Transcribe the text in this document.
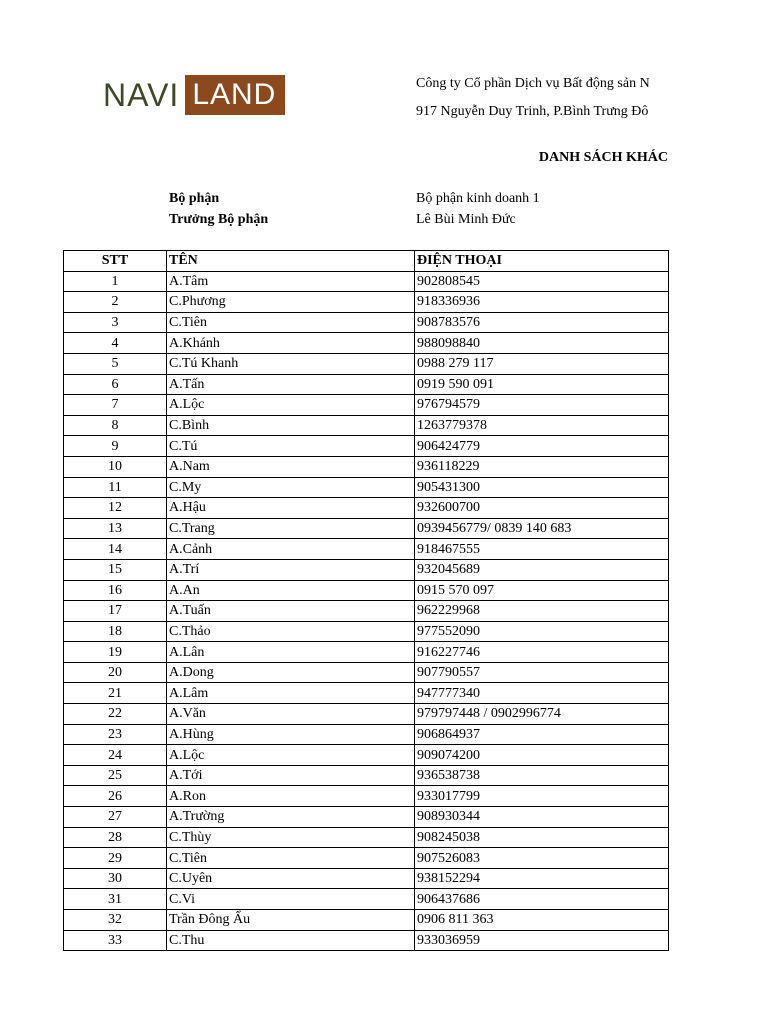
NAVI LAND	Công ty Cổ phần Dịch vụ Bất động sản N
917 Nguyễn Duy Trinh, P.Bình Trưng Đô
DANH SÁCH KHÁC
Bộ phận	Bộ phận kinh doanh 1
Trưởng Bộ phận	Lê Bùi Minh Đức
STT	TÊN	ĐIỆN THOẠI
1	A.Tâm	902808545
2	C.Phương	918336936
3	C.Tiên	908783576
4	A.Khánh	988098840
5	C.Tú Khanh	0988 279 117
6	A.Tấn	0919 590 091
7	A.Lộc	976794579
8	C.Bình	1263779378
9	C.Tú	906424779
10	A.Nam	936118229
11	C.My	905431300
12	A.Hậu	932600700
13	C.Trang	0939456779/ 0839 140 683
14	A.Cảnh	918467555
15	A.Trí	932045689
16	A.An	0915 570 097
17	A.Tuấn	962229968
18	C.Thảo	977552090
19	A.Lân	916227746
20	A.Dong	907790557
21	A.Lâm	947777340
22	A.Văn	979797448 / 0902996774
23	A.Hùng	906864937
24	A.Lộc	909074200
25	A.Tới	936538738
26	A.Ron	933017799
27	A.Trường	908930344
28	C.Thùy	908245038
29	C.Tiên	907526083
30	C.Uyên	938152294
31	C.Vi	906437686
32	Trần Đông Ẩu	0906 811 363
33	C.Thu	933036959
